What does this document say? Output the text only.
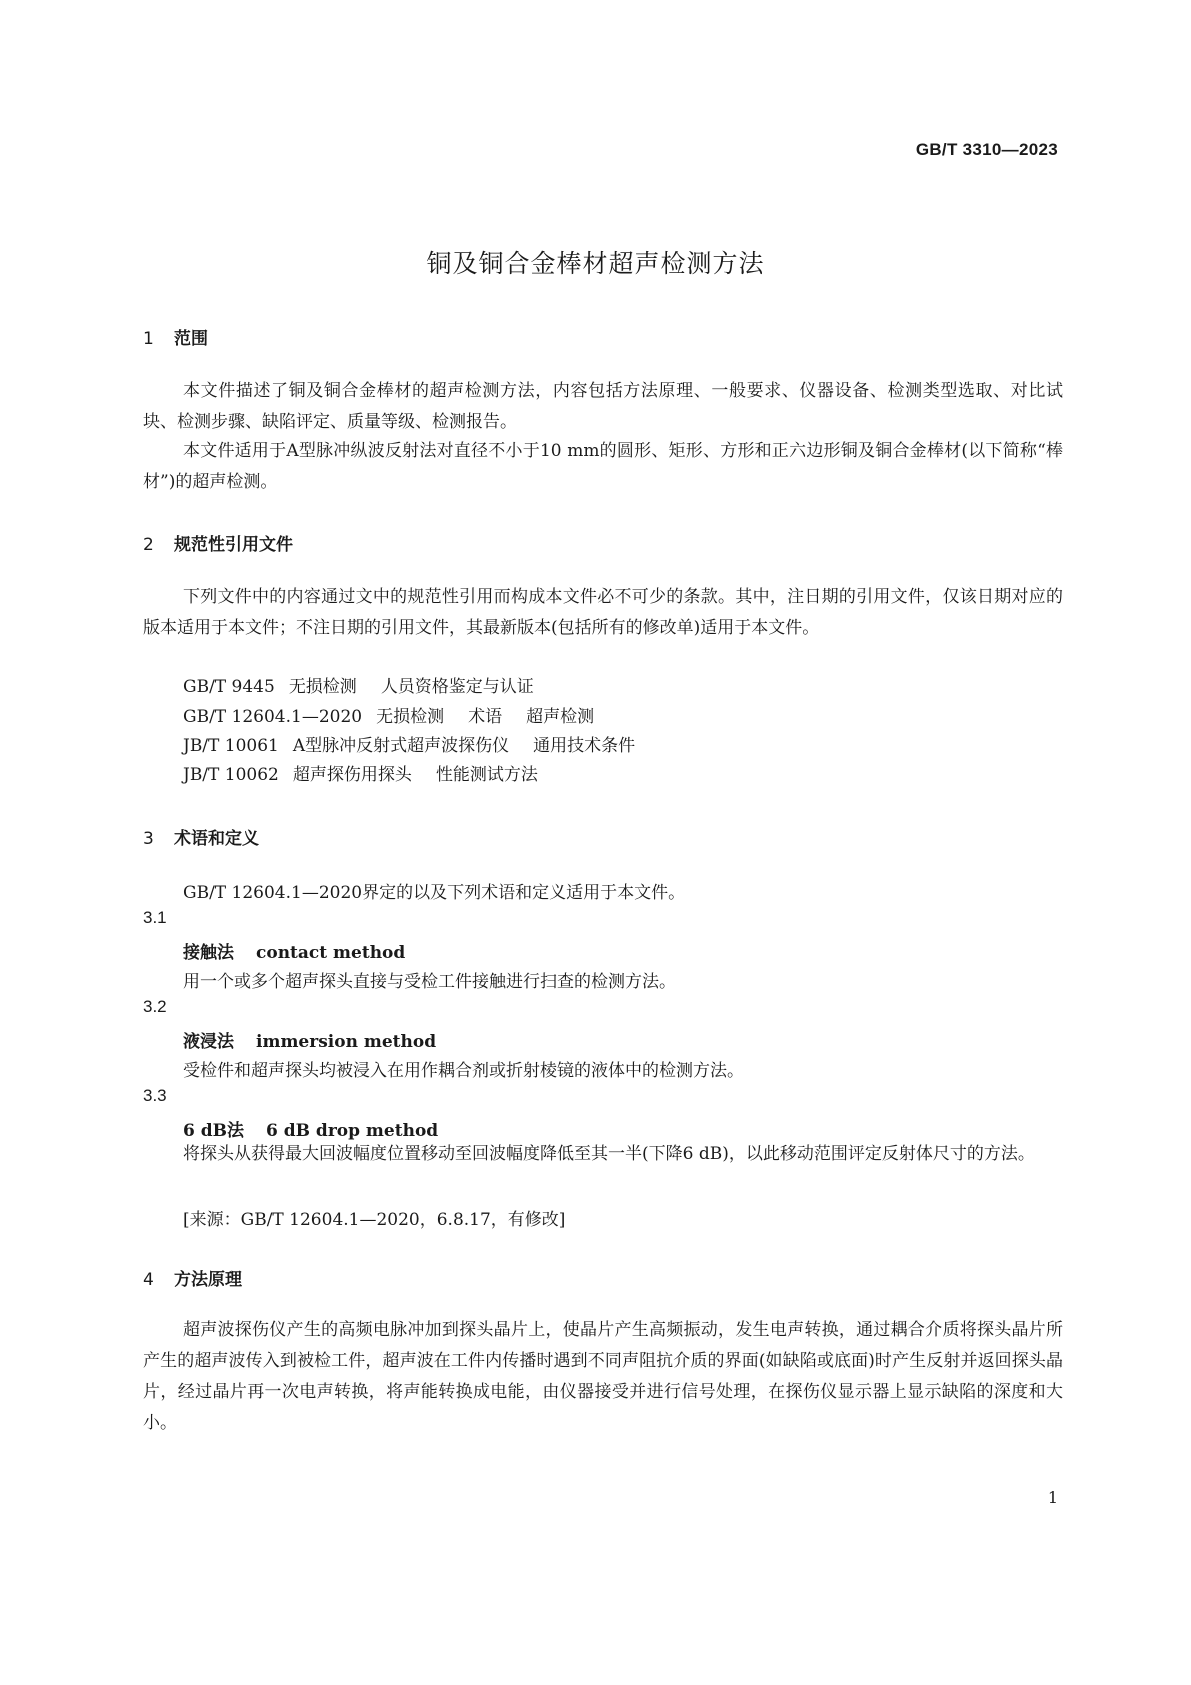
GB/T 3310—2023
铜及铜合金棒材超声检测方法
1 范围

本文件描述了铜及铜合金棒材的超声检测方法，内容包括方法原理、一般要求、仪器设备、检测类型选取、对比试块、检测步骤、缺陷评定、质量等级、检测报告。

本文件适用于A型脉冲纵波反射法对直径不小于10 mm的圆形、矩形、方形和正六边形铜及铜合金棒材(以下简称“棒材”)的超声检测。

2 规范性引用文件

下列文件中的内容通过文中的规范性引用而构成本文件必不可少的条款。其中，注日期的引用文件，仅该日期对应的版本适用于本文件；不注日期的引用文件，其最新版本(包括所有的修改单)适用于本文件。

GB/T 9445 无损检测 人员资格鉴定与认证
GB/T 12604.1—2020 无损检测 术语 超声检测
JB/T 10061 A型脉冲反射式超声波探伤仪 通用技术条件
JB/T 10062 超声探伤用探头 性能测试方法
3 术语和定义
GB/T 12604.1—2020界定的以及下列术语和定义适用于本文件。
3.1
接触法 contact method
用一个或多个超声探头直接与受检工件接触进行扫查的检测方法。
3.2
液浸法 immersion method
受检件和超声探头均被浸入在用作耦合剂或折射棱镜的液体中的检测方法。
3.3
6 dB法 6 dB drop method

将探头从获得最大回波幅度位置移动至回波幅度降低至其一半(下降6 dB)，以此移动范围评定反射体尺寸的方法。

[来源：GB/T 12604.1—2020，6.8.17，有修改]
4 方法原理

超声波探伤仪产生的高频电脉冲加到探头晶片上，使晶片产生高频振动，发生电声转换，通过耦合介质将探头晶片所产生的超声波传入到被检工件，超声波在工件内传播时遇到不同声阻抗介质的界面(如缺陷或底面)时产生反射并返回探头晶片，经过晶片再一次电声转换，将声能转换成电能，由仪器接受并进行信号处理，在探伤仪显示器上显示缺陷的深度和大小。

1
